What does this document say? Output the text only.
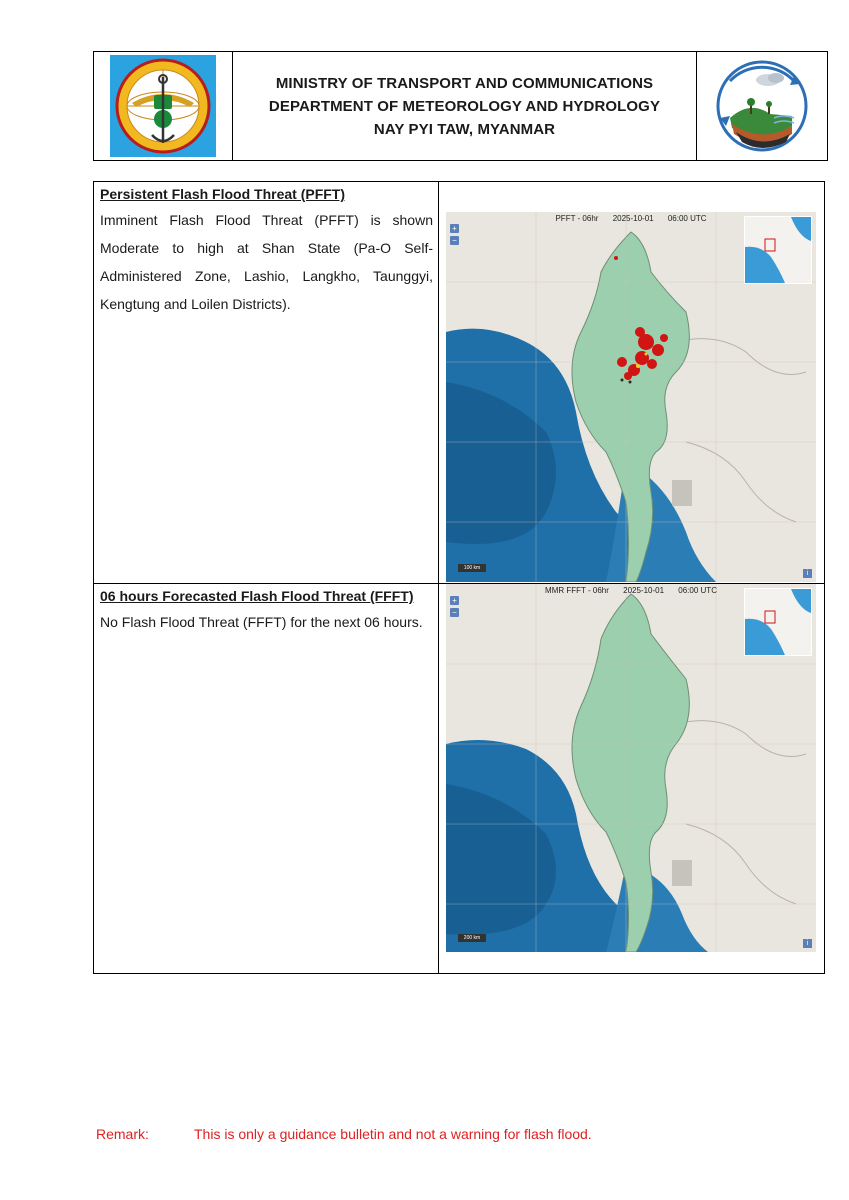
MINISTRY OF TRANSPORT AND COMMUNICATIONS
DEPARTMENT OF METEOROLOGY AND HYDROLOGY
NAY PYI TAW, MYANMAR

Persistent Flash Flood Threat (PFFT)

Imminent Flash Flood Threat (PFFT) is shown Moderate to high at Shan State (Pa-O Self-Administered Zone, Lashio, Langkho, Taunggyi, Kengtung and Loilen Districts).

PFFT - 06hr 2025-10-01 06:00 UTC
+
−
100 km
i

06 hours Forecasted Flash Flood Threat (FFFT)

No Flash Flood Threat (FFFT) for the next 06 hours.

MMR FFFT - 06hr 2025-10-01 06:00 UTC
+
−
200 km
i
Remark:	This is only a guidance bulletin and not a warning for flash flood.
